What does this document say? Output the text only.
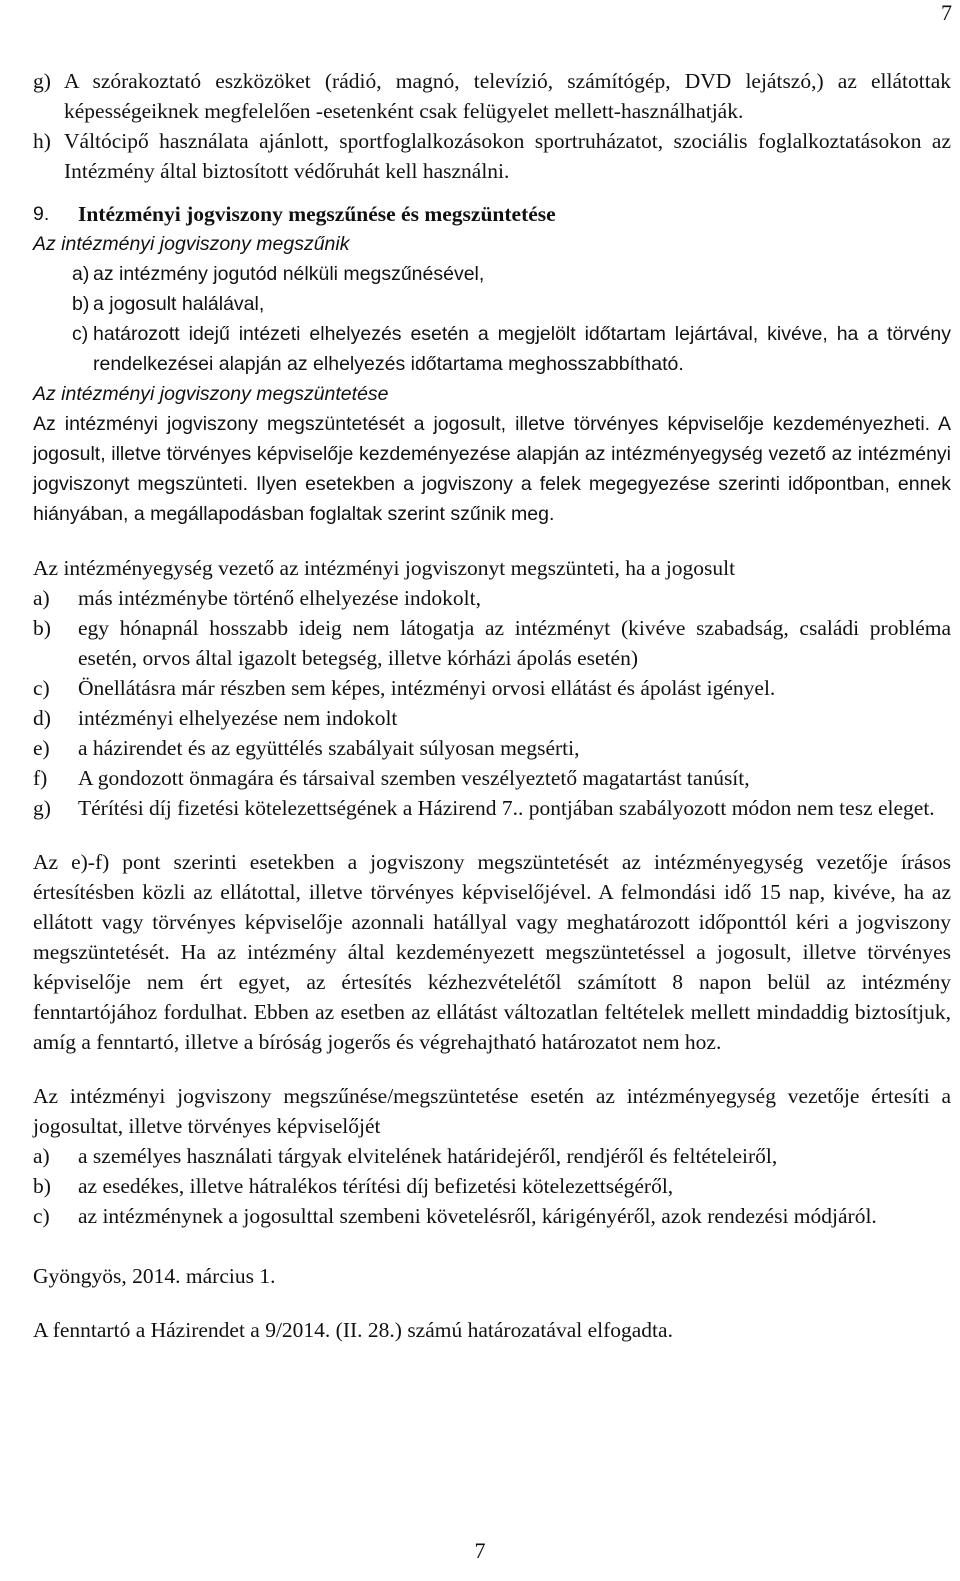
7
g) A szórakoztató eszközöket (rádió, magnó, televízió, számítógép, DVD lejátszó,) az ellátottak képességeiknek megfelelően -esetenként csak felügyelet mellett-használhatják.
h) Váltócipő használata ajánlott, sportfoglalkozásokon sportruházatot, szociális foglalkoztatásokon az Intézmény által biztosított védőruhát kell használni.
9.	Intézményi jogviszony megszűnése és megszüntetése
Az intézményi jogviszony megszűnik
a) az intézmény jogutód nélküli megszűnésével,
b) a jogosult halálával,
c) határozott idejű intézeti elhelyezés esetén a megjelölt időtartam lejártával, kivéve, ha a törvény rendelkezései alapján az elhelyezés időtartama meghosszabbítható.
Az intézményi jogviszony megszüntetése
Az intézményi jogviszony megszüntetését a jogosult, illetve törvényes képviselője kezdeményezheti. A jogosult, illetve törvényes képviselője kezdeményezése alapján az intézményegység vezető az intézményi jogviszonyt megszünteti. Ilyen esetekben a jogviszony a felek megegyezése szerinti időpontban, ennek hiányában, a megállapodásban foglaltak szerint szűnik meg.
Az intézményegység vezető az intézményi jogviszonyt megszünteti, ha a jogosult
a)	más intézménybe történő elhelyezése indokolt,
b)	egy hónapnál hosszabb ideig nem látogatja az intézményt (kivéve szabadság, családi probléma esetén, orvos által igazolt betegség, illetve kórházi ápolás esetén)
c)	Önellátásra már részben sem képes, intézményi orvosi ellátást és ápolást igényel.
d)	intézményi elhelyezése nem indokolt
e)	a házirendet és az együttélés szabályait súlyosan megsérti,
f)	A gondozott önmagára és társaival szemben veszélyeztető magatartást tanúsít,
g)	Térítési díj fizetési kötelezettségének a Házirend 7.. pontjában szabályozott módon nem tesz eleget.
Az e)-f) pont szerinti esetekben a jogviszony megszüntetését az intézményegység vezetője írásos értesítésben közli az ellátottal, illetve törvényes képviselőjével. A felmondási idő 15 nap, kivéve, ha az ellátott vagy törvényes képviselője azonnali hatállyal vagy meghatározott időponttól kéri a jogviszony megszüntetését. Ha az intézmény által kezdeményezett megszüntetéssel a jogosult, illetve törvényes képviselője nem ért egyet, az értesítés kézhezvételétől számított 8 napon belül az intézmény fenntartójához fordulhat. Ebben az esetben az ellátást változatlan feltételek mellett mindaddig biztosítjuk, amíg a fenntartó, illetve a bíróság jogerős és végrehajtható határozatot nem hoz.
Az intézményi jogviszony megszűnése/megszüntetése esetén az intézményegység vezetője értesíti a jogosultat, illetve törvényes képviselőjét
a)	a személyes használati tárgyak elvitelének határidejéről, rendjéről és feltételeiről,
b)	az esedékes, illetve hátralékos térítési díj befizetési kötelezettségéről,
c)	az intézménynek a jogosulttal szembeni követelésről, kárigényéről, azok rendezési módjáról.
Gyöngyös, 2014. március 1.
A fenntartó a Házirendet a 9/2014. (II. 28.) számú határozatával elfogadta.
7
